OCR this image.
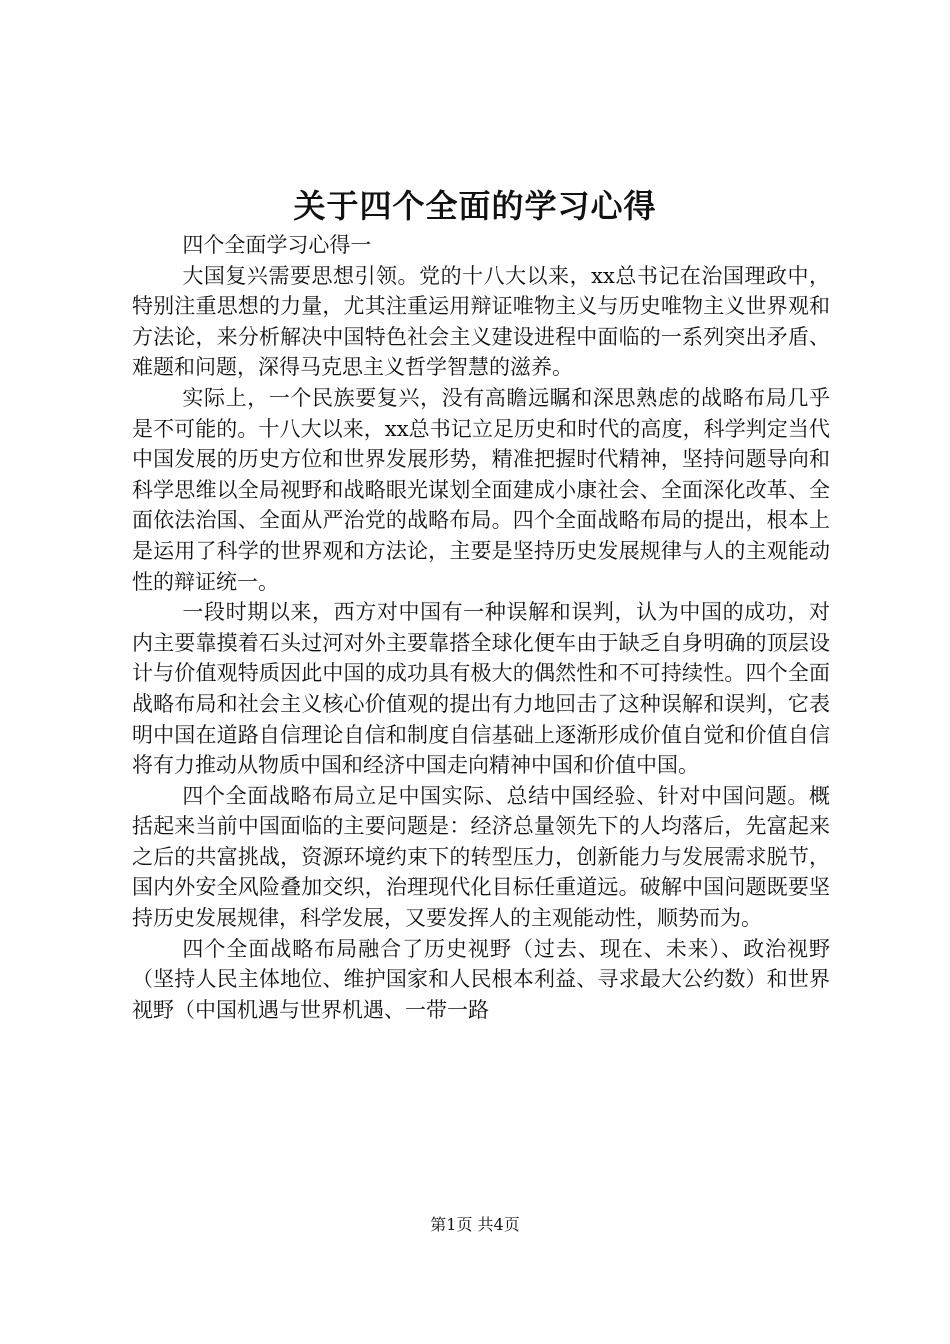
关于四个全面的学习心得

四个全面学习心得一

大国复兴需要思想引领。党的十八大以来，xx总书记在治国理政中，特别注重思想的力量，尤其注重运用辩证唯物主义与历史唯物主义世界观和方法论，来分析解决中国特色社会主义建设进程中面临的一系列突出矛盾、难题和问题，深得马克思主义哲学智慧的滋养。

实际上，一个民族要复兴，没有高瞻远瞩和深思熟虑的战略布局几乎是不可能的。十八大以来，xx总书记立足历史和时代的高度，科学判定当代中国发展的历史方位和世界发展形势，精准把握时代精神，坚持问题导向和科学思维以全局视野和战略眼光谋划全面建成小康社会、全面深化改革、全面依法治国、全面从严治党的战略布局。四个全面战略布局的提出，根本上是运用了科学的世界观和方法论，主要是坚持历史发展规律与人的主观能动性的辩证统一。

一段时期以来，西方对中国有一种误解和误判，认为中国的成功，对内主要靠摸着石头过河对外主要靠搭全球化便车由于缺乏自身明确的顶层设计与价值观特质因此中国的成功具有极大的偶然性和不可持续性。四个全面战略布局和社会主义核心价值观的提出有力地回击了这种误解和误判，它表明中国在道路自信理论自信和制度自信基础上逐渐形成价值自觉和价值自信将有力推动从物质中国和经济中国走向精神中国和价值中国。

四个全面战略布局立足中国实际、总结中国经验、针对中国问题。概括起来当前中国面临的主要问题是：经济总量领先下的人均落后，先富起来之后的共富挑战，资源环境约束下的转型压力，创新能力与发展需求脱节，国内外安全风险叠加交织，治理现代化目标任重道远。破解中国问题既要坚持历史发展规律，科学发展，又要发挥人的主观能动性，顺势而为。

四个全面战略布局融合了历史视野（过去、现在、未来）、政治视野（坚持人民主体地位、维护国家和人民根本利益、寻求最大公约数）和世界视野（中国机遇与世界机遇、一带一路

第1页 共4页
